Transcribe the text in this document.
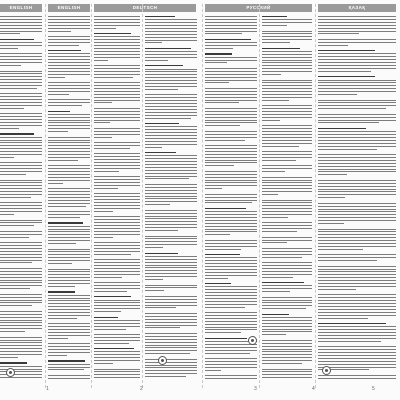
ENGLISH	ENGLISH	DEUTSCH	РУССКИЙ	ҚАЗАҚ
1	2	3	4	5
